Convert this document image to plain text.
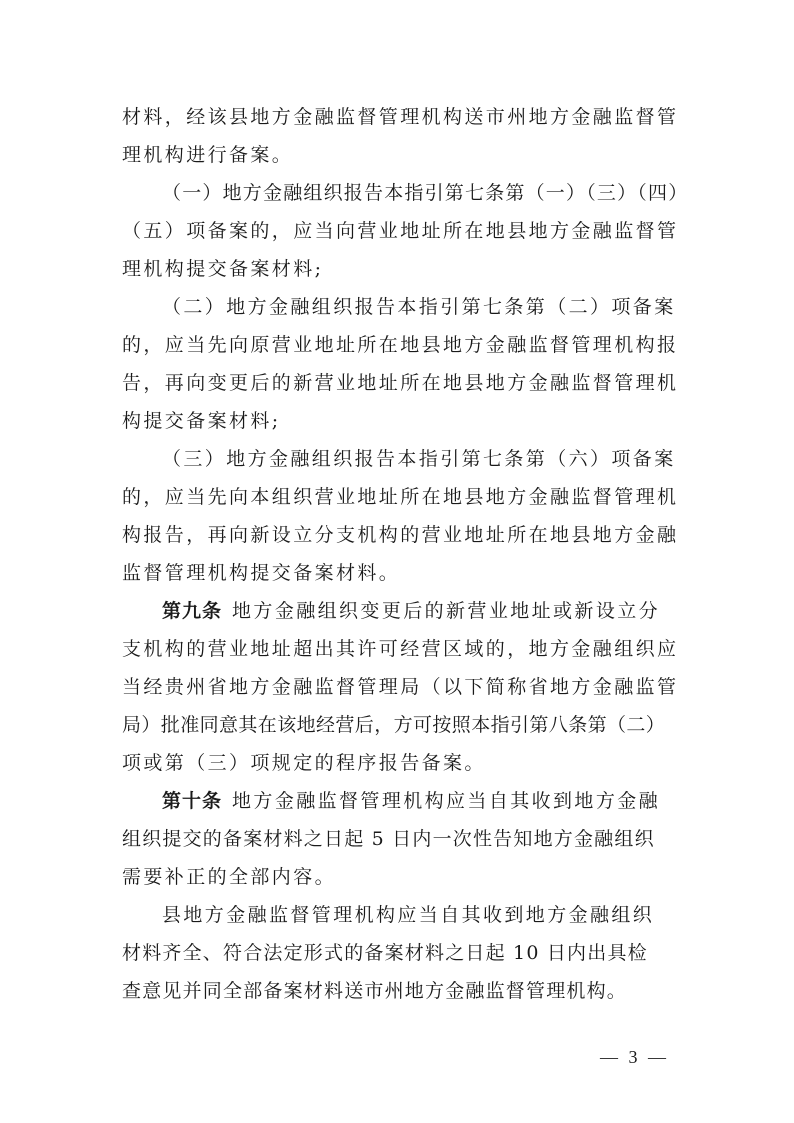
材料，经该县地方金融监督管理机构送市州地方金融监督管
理机构进行备案。
（一）地方金融组织报告本指引第七条第（一）（三）（四）
（五）项备案的，应当向营业地址所在地县地方金融监督管
理机构提交备案材料;
（二）地方金融组织报告本指引第七条第（二）项备案
的，应当先向原营业地址所在地县地方金融监督管理机构报
告，再向变更后的新营业地址所在地县地方金融监督管理机
构提交备案材料;
（三）地方金融组织报告本指引第七条第（六）项备案
的，应当先向本组织营业地址所在地县地方金融监督管理机
构报告，再向新设立分支机构的营业地址所在地县地方金融
监督管理机构提交备案材料。
第九条 地方金融组织变更后的新营业地址或新设立分
支机构的营业地址超出其许可经营区域的，地方金融组织应
当经贵州省地方金融监督管理局（以下简称省地方金融监管
局）批准同意其在该地经营后，方可按照本指引第八条第（二）
项或第（三）项规定的程序报告备案。
第十条 地方金融监督管理机构应当自其收到地方金融
组织提交的备案材料之日起 5 日内一次性告知地方金融组织
需要补正的全部内容。
县地方金融监督管理机构应当自其收到地方金融组织
材料齐全、符合法定形式的备案材料之日起 10 日内出具检
查意见并同全部备案材料送市州地方金融监督管理机构。
— 3 —
